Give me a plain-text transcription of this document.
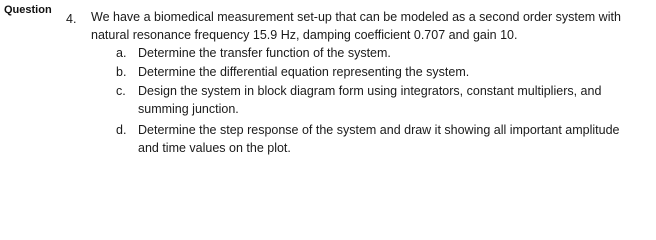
Question
4. We have a biomedical measurement set-up that can be modeled as a second order system with
natural resonance frequency 15.9 Hz, damping coefficient 0.707 and gain 10.
a. Determine the transfer function of the system.
b. Determine the differential equation representing the system.
c. Design the system in block diagram form using integrators, constant multipliers, and
summing junction.
d. Determine the step response of the system and draw it showing all important amplitude
and time values on the plot.
